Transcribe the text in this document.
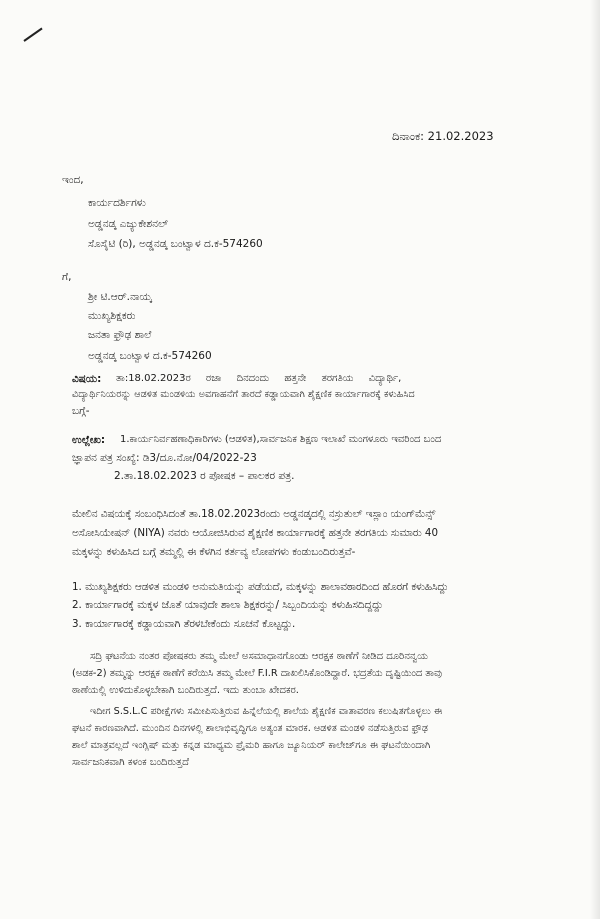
ದಿನಾಂಕ: 21.02.2023
ಇಂದ,
ಕಾರ್ಯದರ್ಶಿಗಳು
ಅಡ್ಡನಡ್ಕ ಎಜ್ಯುಕೇಶನಲ್
ಸೊಸೈಟಿ (ರಿ), ಅಡ್ಡನಡ್ಕ ಬಂಟ್ವಾಳ ದ.ಕ-574260
ಗೆ,
ಶ್ರೀ ಟಿ.ಆರ್.ನಾಯ್ಕ
ಮುಖ್ಯಶಿಕ್ಷಕರು
ಜನತಾ ಫ್ರೌಢ ಶಾಲೆ
ಅಡ್ಡನಡ್ಕ ಬಂಟ್ವಾಳ ದ.ಕ-574260
ವಿಷಯ: ತಾ:18.02.2023ರ ರಜಾ ದಿನದಂದು ಹತ್ತನೇ ತರಗತಿಯ ವಿದ್ಯಾರ್ಥಿ,
ವಿದ್ಯಾರ್ಥಿನಿಯರನ್ನು ಆಡಳಿತ ಮಂಡಳಿಯ ಅವಗಾಹನೆಗೆ ತಾರದೆ ಕಡ್ಡಾಯವಾಗಿ ಶೈಕ್ಷಣಿಕ ಕಾರ್ಯಾಗಾರಕ್ಕೆ ಕಳುಹಿಸಿದ
ಬಗ್ಗೆ-
ಉಲ್ಲೇಖ: 1.ಕಾರ್ಯನಿರ್ವಹಣಾಧಿಕಾರಿಗಳು (ಆಡಳಿತ),ಸಾರ್ವಜನಿಕ ಶಿಕ್ಷಣ ಇಲಾಖೆ ಮಂಗಳೂರು ಇವರಿಂದ ಬಂದ
ಜ್ಞಾಪನ ಪತ್ರ ಸಂಖ್ಯೆ: ಡಿ3/ದೂ.ನೋ/04/2022-23
2.ತಾ.18.02.2023 ರ ಪೋಷಕ – ಪಾಲಕರ ಪತ್ರ.
ಮೇಲಿನ ವಿಷಯಕ್ಕೆ ಸಂಬಂಧಿಸಿದಂತೆ ತಾ.18.02.2023ರಂದು ಅಡ್ಡನಡ್ಕದಲ್ಲಿ ನಸ್ರುತುಲ್ ಇಸ್ಲಾಂ ಯಂಗ್‌ಮೆನ್ಸ್
ಅಸೋಸಿಯೇಷನ್ (NIYA) ನವರು ಆಯೋಜಿಸಿರುವ ಶೈಕ್ಷಣಿಕ ಕಾರ್ಯಾಗಾರಕ್ಕೆ ಹತ್ತನೇ ತರಗತಿಯ ಸುಮಾರು 40
ಮಕ್ಕಳನ್ನು ಕಳುಹಿಸಿದ ಬಗ್ಗೆ ತಮ್ಮಲ್ಲಿ ಈ ಕೆಳಗಿನ ಕರ್ತವ್ಯ ಲೋಪಗಳು ಕಂಡುಬಂದಿರುತ್ತವೆ-
1. ಮುಖ್ಯಶಿಕ್ಷಕರು ಆಡಳಿತ ಮಂಡಳಿ ಅನುಮತಿಯನ್ನು ಪಡೆಯದೆ, ಮಕ್ಕಳನ್ನು ಶಾಲಾವಠಾರದಿಂದ ಹೊರಗೆ ಕಳುಹಿಸಿದ್ದು
2. ಕಾರ್ಯಾಗಾರಕ್ಕೆ ಮಕ್ಕಳ ಜೊತೆ ಯಾವುದೇ ಶಾಲಾ ಶಿಕ್ಷಕರನ್ನು/ ಸಿಬ್ಬಂದಿಯನ್ನು ಕಳುಹಿಸದಿದ್ದದ್ದು
3. ಕಾರ್ಯಾಗಾರಕ್ಕೆ ಕಡ್ಡಾಯವಾಗಿ ತೆರಳಬೇಕೆಂದು ಸೂಚನೆ ಕೊಟ್ಟದ್ದು.
ಸದ್ರಿ ಘಟನೆಯ ನಂತರ ಪೋಷಕರು ತಮ್ಮ ಮೇಲೆ ಅಸಮಾಧಾನಗೊಂಡು ಆರಕ್ಷಕ ಠಾಣೆಗೆ ನೀಡಿದ ದೂರಿನನ್ವಯ
(ಅಡಕ-2) ತಮ್ಮನ್ನು ಆರಕ್ಷಕ ಠಾಣೆಗೆ ಕರೆಯಿಸಿ ತಮ್ಮ ಮೇಲೆ F.I.R ದಾಖಲಿಸಿಕೊಂಡಿದ್ದಾರೆ. ಭದ್ರತೆಯ ದೃಷ್ಟಿಯಿಂದ ತಾವು
ಠಾಣೆಯಲ್ಲಿ ಉಳಿದುಕೊಳ್ಳಬೇಕಾಗಿ ಬಂದಿರುತ್ತದೆ. ಇದು ತುಂಬಾ ಖೇದಕರ.
ಇದೀಗ S.S.L.C ಪರೀಕ್ಷೆಗಳು ಸಮೀಪಿಸುತ್ತಿರುವ ಹಿನ್ನೆಲೆಯಲ್ಲಿ ಶಾಲೆಯ ಶೈಕ್ಷಣಿಕ ವಾತಾವರಣ ಕಲುಷಿತಗೊಳ್ಳಲು ಈ
ಘಟನೆ ಕಾರಣವಾಗಿದೆ. ಮುಂದಿನ ದಿನಗಳಲ್ಲಿ ಶಾಲಾಭಿವೃದ್ಧಿಗೂ ಅತ್ಯಂತ ಮಾರಕ. ಆಡಳಿತ ಮಂಡಳಿ ನಡೆಸುತ್ತಿರುವ ಫ್ರೌಢ
ಶಾಲೆ ಮಾತ್ರವಲ್ಲದೆ ಇಂಗ್ಲಿಷ್ ಮತ್ತು ಕನ್ನಡ ಮಾಧ್ಯಮ ಪ್ರೈಮರಿ ಹಾಗೂ ಜ್ಯೂನಿಯರ್ ಕಾಲೇಜ್‌ಗೂ ಈ ಘಟನೆಯಿಂದಾಗಿ
ಸಾರ್ವಜನಿಕವಾಗಿ ಕಳಂಕ ಬಂದಿರುತ್ತದೆ
